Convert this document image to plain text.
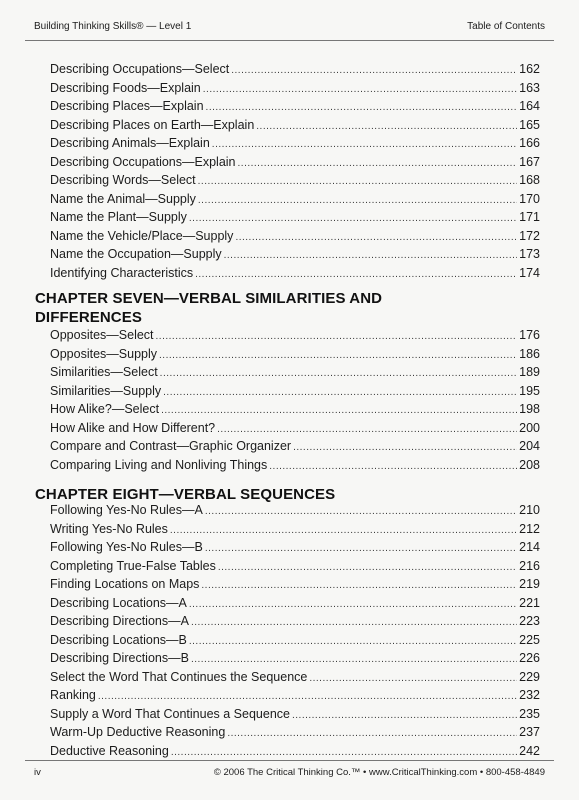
Building Thinking Skills® — Level 1	Table of Contents
Describing Occupations—Select .....	162
Describing Foods—Explain .....	163
Describing Places—Explain .....	164
Describing Places on Earth—Explain .....	165
Describing Animals—Explain .....	166
Describing Occupations—Explain .....	167
Describing Words—Select .....	168
Name the Animal—Supply .....	170
Name the Plant—Supply .....	171
Name the Vehicle/Place—Supply .....	172
Name the Occupation—Supply .....	173
Identifying Characteristics .....	174
CHAPTER SEVEN—VERBAL SIMILARITIES AND DIFFERENCES
Opposites—Select .....	176
Opposites—Supply .....	186
Similarities—Select .....	189
Similarities—Supply .....	195
How Alike?—Select .....	198
How Alike and How Different? .....	200
Compare and Contrast—Graphic Organizer .....	204
Comparing Living and Nonliving Things .....	208
CHAPTER EIGHT—VERBAL SEQUENCES
Following Yes-No Rules—A .....	210
Writing Yes-No Rules .....	212
Following Yes-No Rules—B .....	214
Completing True-False Tables .....	216
Finding Locations on Maps .....	219
Describing Locations—A .....	221
Describing Directions—A .....	223
Describing Locations—B .....	225
Describing Directions—B .....	226
Select the Word That Continues the Sequence .....	229
Ranking .....	232
Supply a Word That Continues a Sequence .....	235
Warm-Up Deductive Reasoning .....	237
Deductive Reasoning .....	242
iv	© 2006 The Critical Thinking Co.™ • www.CriticalThinking.com • 800-458-4849
